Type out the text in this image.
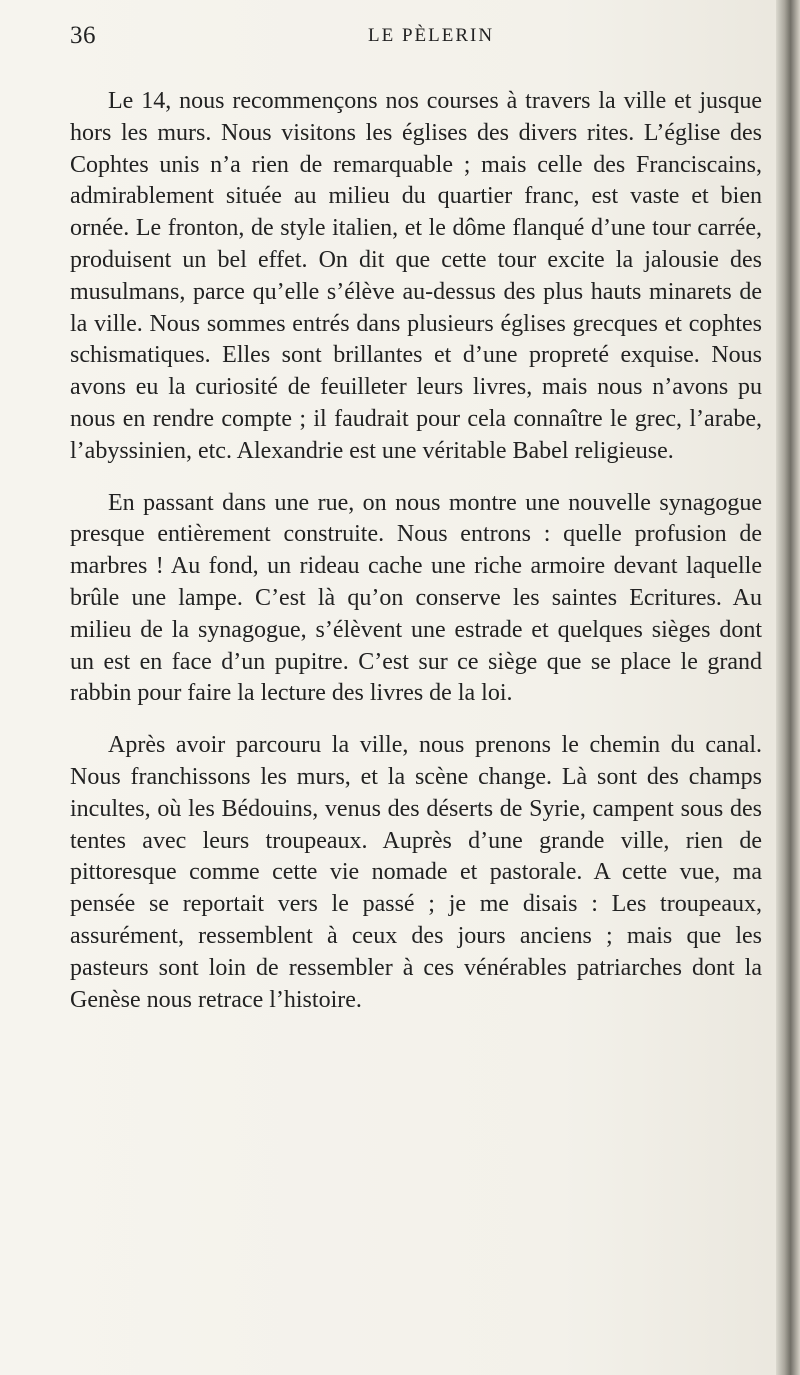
36	LE PÈLERIN

Le 14, nous recommençons nos courses à travers la ville et jusque hors les murs. Nous visitons les églises des divers rites. L’église des Cophtes unis n’a rien de remarquable ; mais celle des Franciscains, admirablement située au milieu du quartier franc, est vaste et bien ornée. Le fronton, de style italien, et le dôme flanqué d’une tour carrée, produisent un bel effet. On dit que cette tour excite la jalousie des musulmans, parce qu’elle s’élève au-dessus des plus hauts minarets de la ville. Nous sommes entrés dans plusieurs églises grecques et cophtes schismatiques. Elles sont brillantes et d’une propreté exquise. Nous avons eu la curiosité de feuilleter leurs livres, mais nous n’avons pu nous en rendre compte ; il faudrait pour cela connaître le grec, l’arabe, l’abyssinien, etc. Alexandrie est une véritable Babel religieuse.

En passant dans une rue, on nous montre une nouvelle synagogue presque entièrement construite. Nous entrons : quelle profusion de marbres ! Au fond, un rideau cache une riche armoire devant laquelle brûle une lampe. C’est là qu’on conserve les saintes Ecritures. Au milieu de la synagogue, s’élèvent une estrade et quelques sièges dont un est en face d’un pupitre. C’est sur ce siège que se place le grand rabbin pour faire la lecture des livres de la loi.

Après avoir parcouru la ville, nous prenons le chemin du canal. Nous franchissons les murs, et la scène change. Là sont des champs incultes, où les Bédouins, venus des déserts de Syrie, campent sous des tentes avec leurs troupeaux. Auprès d’une grande ville, rien de pittoresque comme cette vie nomade et pastorale. A cette vue, ma pensée se reportait vers le passé ; je me disais : Les troupeaux, assurément, ressemblent à ceux des jours anciens ; mais que les pasteurs sont loin de ressembler à ces vénérables patriarches dont la Genèse nous retrace l’histoire.
